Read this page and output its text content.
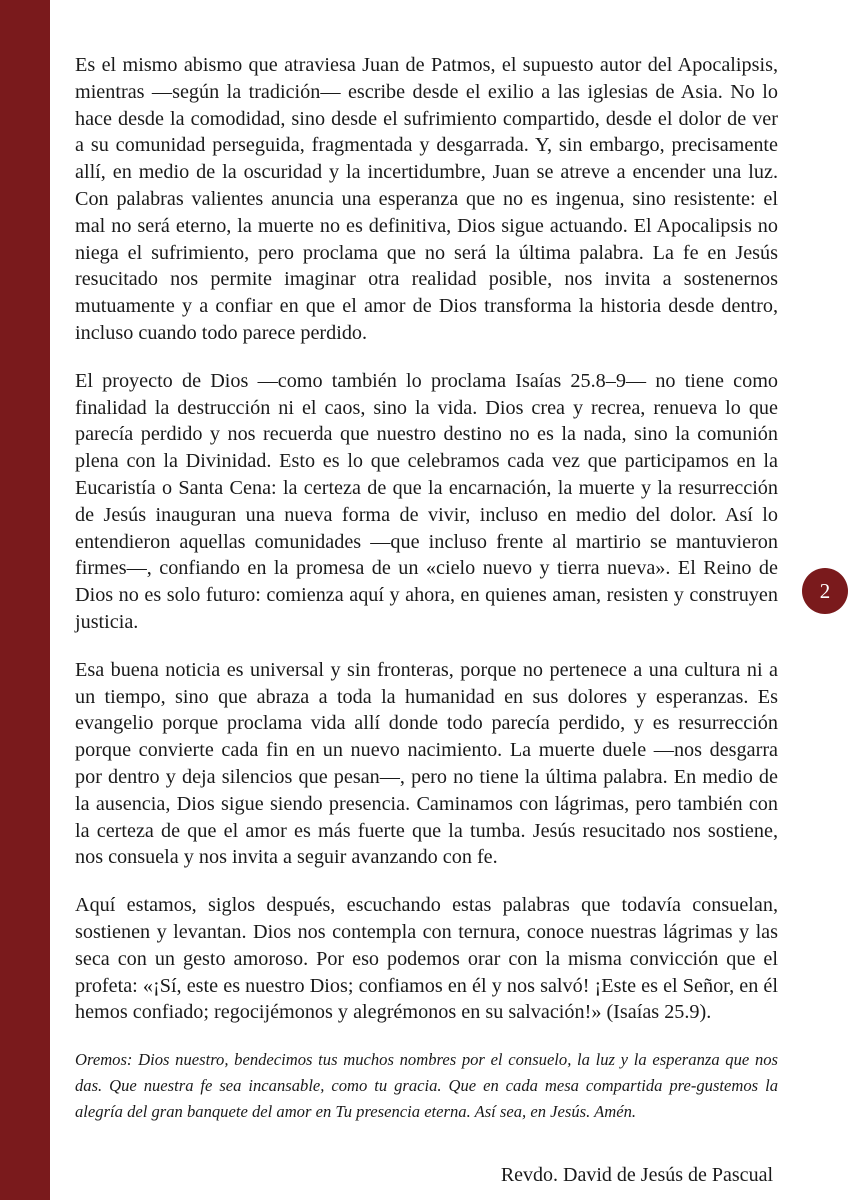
Es el mismo abismo que atraviesa Juan de Patmos, el supuesto autor del Apocalipsis, mientras —según la tradición— escribe desde el exilio a las iglesias de Asia. No lo hace desde la comodidad, sino desde el sufrimiento compartido, desde el dolor de ver a su comunidad perseguida, fragmentada y desgarrada. Y, sin embargo, precisamente allí, en medio de la oscuridad y la incertidumbre, Juan se atreve a encender una luz. Con palabras valientes anuncia una esperanza que no es ingenua, sino resistente: el mal no será eterno, la muerte no es definitiva, Dios sigue actuando. El Apocalipsis no niega el sufrimiento, pero proclama que no será la última palabra. La fe en Jesús resucitado nos permite imaginar otra realidad posible, nos invita a sostenernos mutuamente y a confiar en que el amor de Dios transforma la historia desde dentro, incluso cuando todo parece perdido.

El proyecto de Dios —como también lo proclama Isaías 25.8–9— no tiene como finalidad la destrucción ni el caos, sino la vida. Dios crea y recrea, renueva lo que parecía perdido y nos recuerda que nuestro destino no es la nada, sino la comunión plena con la Divinidad. Esto es lo que celebramos cada vez que participamos en la Eucaristía o Santa Cena: la certeza de que la encarnación, la muerte y la resurrección de Jesús inauguran una nueva forma de vivir, incluso en medio del dolor. Así lo entendieron aquellas comunidades —que incluso frente al martirio se mantuvieron firmes—, confiando en la promesa de un «cielo nuevo y tierra nueva». El Reino de Dios no es solo futuro: comienza aquí y ahora, en quienes aman, resisten y construyen justicia.

Esa buena noticia es universal y sin fronteras, porque no pertenece a una cultura ni a un tiempo, sino que abraza a toda la humanidad en sus dolores y esperanzas. Es evangelio porque proclama vida allí donde todo parecía perdido, y es resurrección porque convierte cada fin en un nuevo nacimiento. La muerte duele —nos desgarra por dentro y deja silencios que pesan—, pero no tiene la última palabra. En medio de la ausencia, Dios sigue siendo presencia. Caminamos con lágrimas, pero también con la certeza de que el amor es más fuerte que la tumba. Jesús resucitado nos sostiene, nos consuela y nos invita a seguir avanzando con fe.

Aquí estamos, siglos después, escuchando estas palabras que todavía consuelan, sostienen y levantan. Dios nos contempla con ternura, conoce nuestras lágrimas y las seca con un gesto amoroso. Por eso podemos orar con la misma convicción que el profeta: «¡Sí, este es nuestro Dios; confiamos en él y nos salvó! ¡Este es el Señor, en él hemos confiado; regocijémonos y alegrémonos en su salvación!» (Isaías 25.9).

Oremos: Dios nuestro, bendecimos tus muchos nombres por el consuelo, la luz y la esperanza que nos das. Que nuestra fe sea incansable, como tu gracia. Que en cada mesa compartida pre-gustemos la alegría del gran banquete del amor en Tu presencia eterna. Así sea, en Jesús. Amén.

Revdo. David de Jesús de Pascual
2
